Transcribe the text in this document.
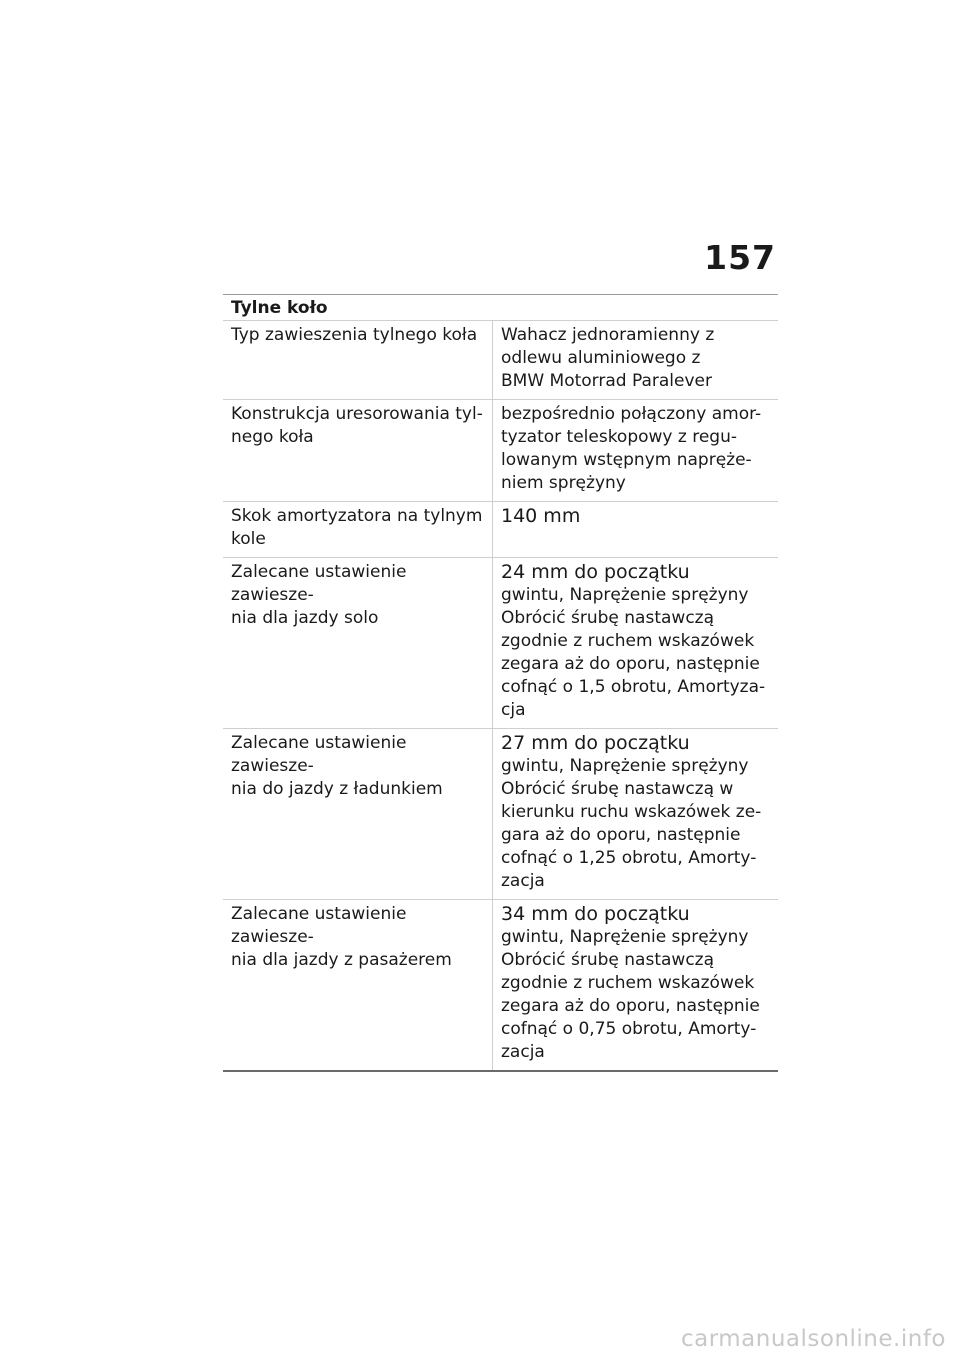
157
Tylne koło
Typ zawieszenia tylnego koła	Wahacz jednoramienny z
odlewu aluminiowego z
BMW Motorrad Paralever
Konstrukcja uresorowania tyl-
nego koła
bezpośrednio połączony amor-
tyzator teleskopowy z regu-
lowanym wstępnym napręże-
niem sprężyny
Skok amortyzatora na tylnym
kole
140 mm
Zalecane ustawienie zawiesze-
nia dla jazdy solo
24 mm do początku
gwintu, Naprężenie sprężyny
Obrócić śrubę nastawczą
zgodnie z ruchem wskazówek
zegara aż do oporu, następnie
cofnąć o 1,5 obrotu, Amortyza-
cja
Zalecane ustawienie zawiesze-
nia do jazdy z ładunkiem
27 mm do początku
gwintu, Naprężenie sprężyny
Obrócić śrubę nastawczą w
kierunku ruchu wskazówek ze-
gara aż do oporu, następnie
cofnąć o 1,25 obrotu, Amorty-
zacja
Zalecane ustawienie zawiesze-
nia dla jazdy z pasażerem
34 mm do początku
gwintu, Naprężenie sprężyny
Obrócić śrubę nastawczą
zgodnie z ruchem wskazówek
zegara aż do oporu, następnie
cofnąć o 0,75 obrotu, Amorty-
zacja
carmanualsonline.info
